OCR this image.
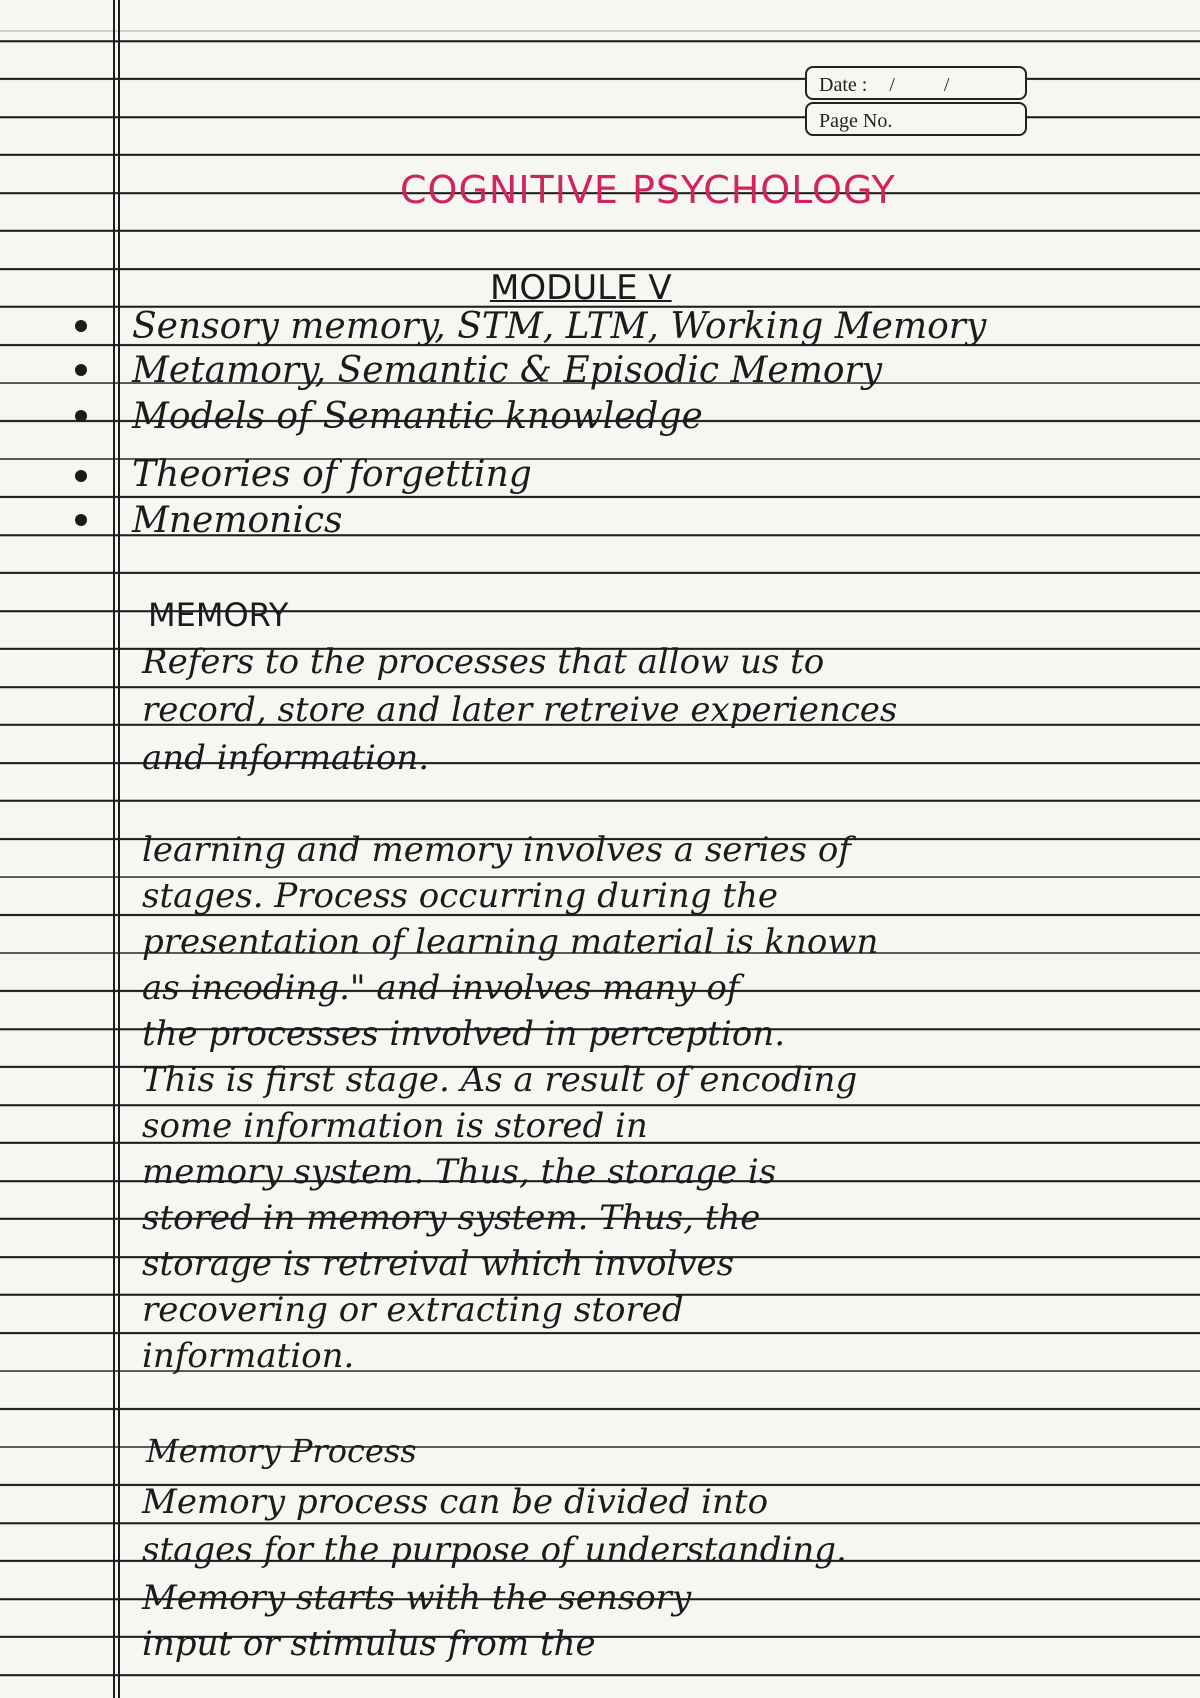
Date : / /
Page No.
COGNITIVE PSYCHOLOGY
MODULE V
Sensory memory, STM, LTM, Working Memory
Metamory, Semantic & Episodic Memory
Models of Semantic knowledge
Theories of forgetting
Mnemonics
MEMORY
Refers to the processes that allow us to
record, store and later retreive experiences
and information.
learning and memory involves a series of
stages. Process occurring during the
presentation of learning material is known
as incoding." and involves many of
the processes involved in perception.
This is first stage. As a result of encoding
some information is stored in
memory system. Thus, the storage is
stored in memory system. Thus, the
storage is retreival which involves
recovering or extracting stored
information.
Memory Process
Memory process can be divided into
stages for the purpose of understanding.
Memory starts with the sensory
input or stimulus from the
